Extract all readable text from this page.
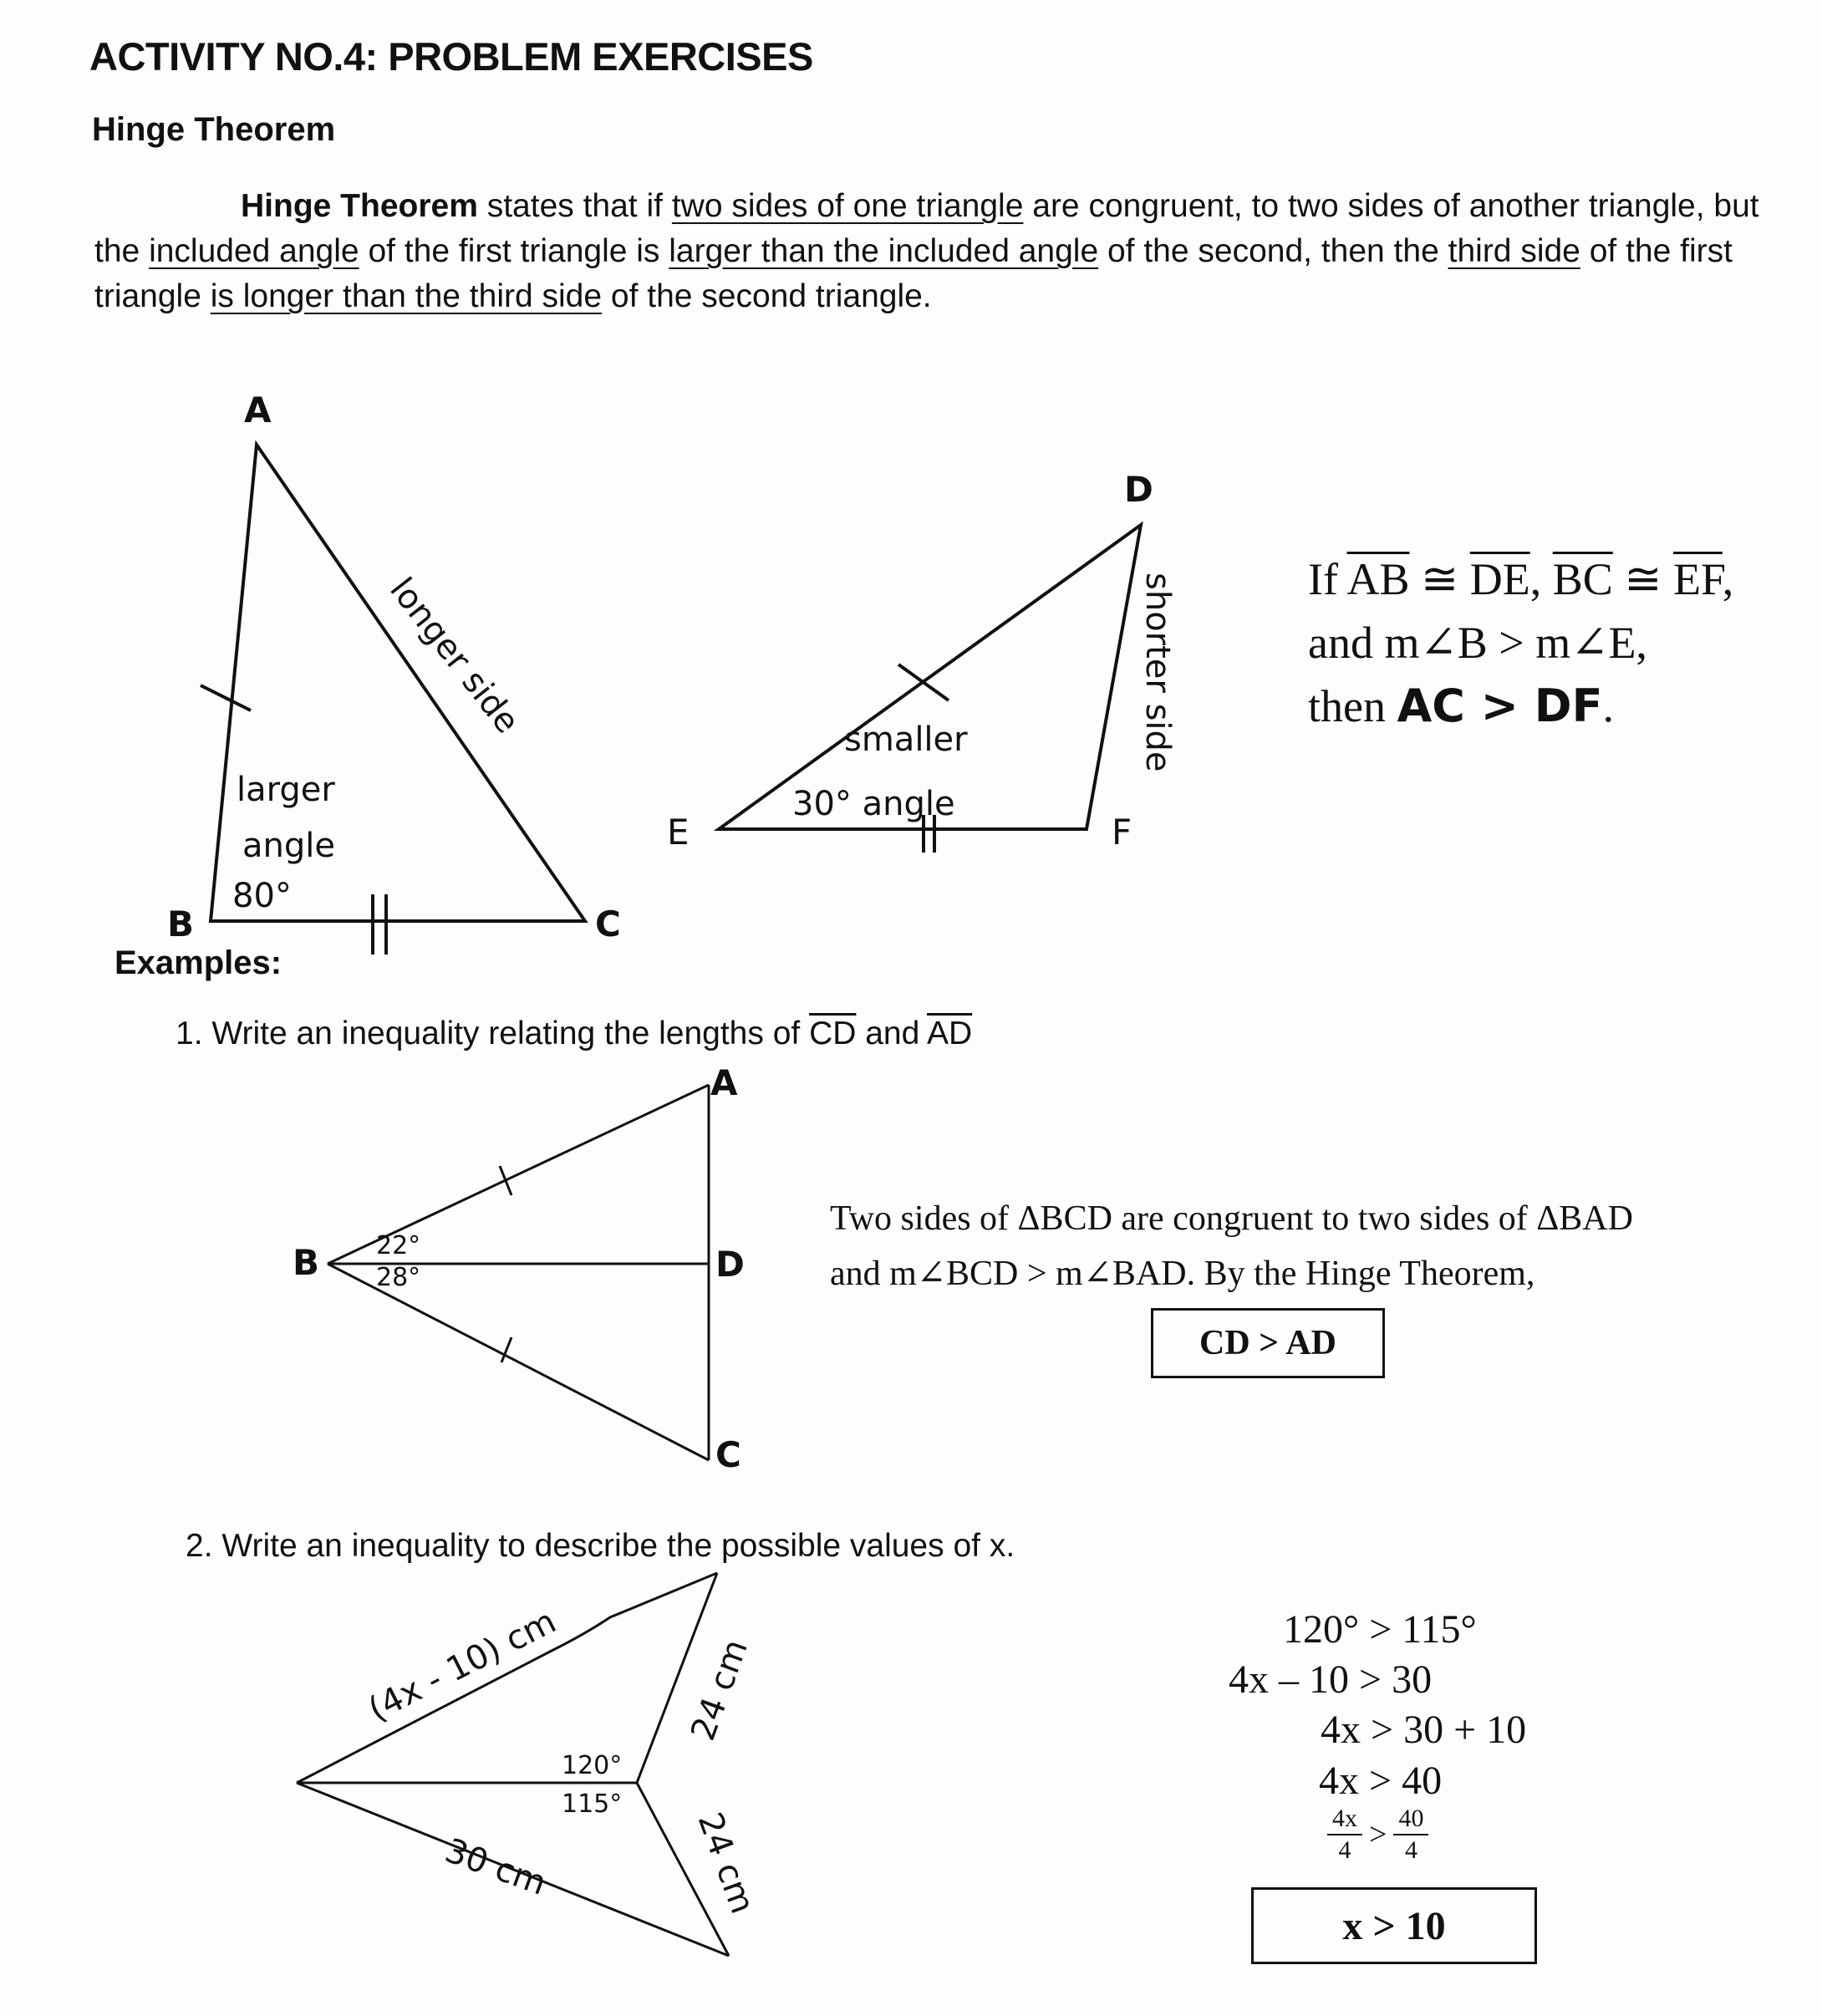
ACTIVITY NO.4: PROBLEM EXERCISES
Hinge Theorem
Hinge Theorem states that if two sides of one triangle are congruent, to two sides of another triangle, but the included angle of the first triangle is larger than the included angle of the second, then the third side of the first triangle is longer than the third side of the second triangle.
A
B	C
D
E	F
longer side	shorter side
larger
angle
80°
smaller
30° angle
If $\overline{AB}$ ≅ $\overline{DE}$, $\overline{BC}$ ≅ $\overline{EF}$,
and m∠B > m∠E,
then AC > DF.
Examples:
1. Write an inequality relating the lengths of $\overline{CD}$ and $\overline{AD}$
A
B	D
C
22°
28°
Two sides of ΔBCD are congruent to two sides of ΔBAD
and m∠BCD > m∠BAD. By the Hinge Theorem,
CD > AD
2. Write an inequality to describe the possible values of x.
(4x - 10) cm
30 cm
24 cm
24 cm
120°
115°
120° > 115°
4x – 10 > 30
4x > 30 + 10
4x > 40
$\frac{4x}{4} > \frac{40}{4}$
x > 10
